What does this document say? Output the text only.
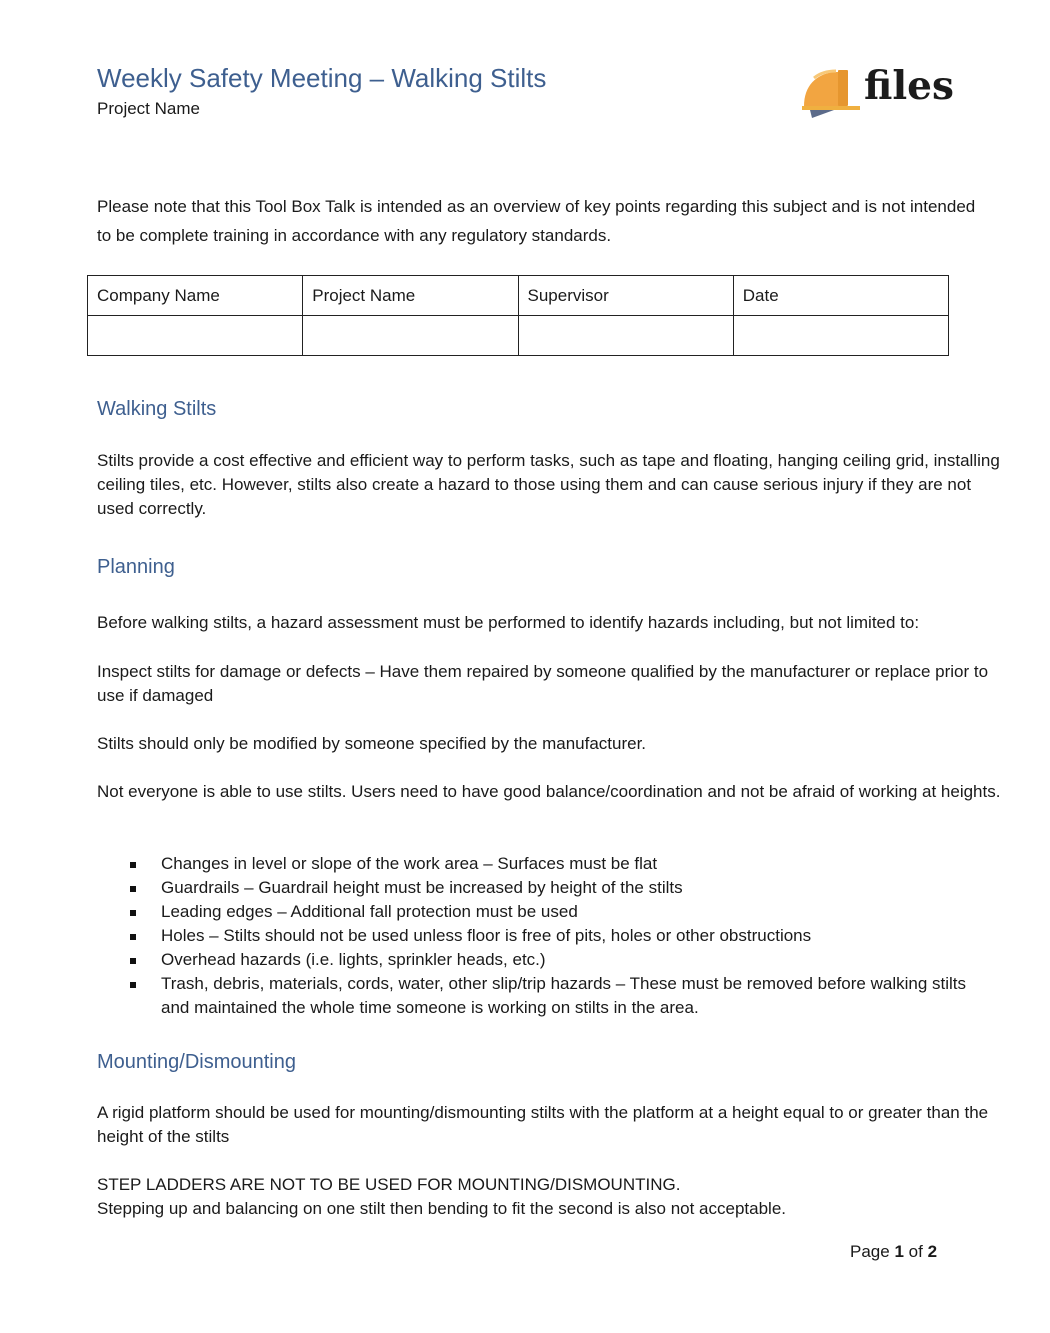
Weekly Safety Meeting – Walking Stilts
Project Name	files

Please note that this Tool Box Talk is intended as an overview of key points regarding this subject and is not intended to be complete training in accordance with any regulatory standards.

Company Name	Project Name	Supervisor	Date

Walking Stilts

Stilts provide a cost effective and efficient way to perform tasks, such as tape and floating, hanging ceiling grid, installing ceiling tiles, etc. However, stilts also create a hazard to those using them and can cause serious injury if they are not used correctly.

Planning

Before walking stilts, a hazard assessment must be performed to identify hazards including, but not limited to:

Inspect stilts for damage or defects – Have them repaired by someone qualified by the manufacturer or replace prior to use if damaged

Stilts should only be modified by someone specified by the manufacturer.

Not everyone is able to use stilts. Users need to have good balance/coordination and not be afraid of working at heights.

Changes in level or slope of the work area – Surfaces must be flat
Guardrails – Guardrail height must be increased by height of the stilts
Leading edges – Additional fall protection must be used
Holes – Stilts should not be used unless floor is free of pits, holes or other obstructions
Overhead hazards (i.e. lights, sprinkler heads, etc.)
Trash, debris, materials, cords, water, other slip/trip hazards – These must be removed before walking stilts and maintained the whole time someone is working on stilts in the area.
Mounting/Dismounting

A rigid platform should be used for mounting/dismounting stilts with the platform at a height equal to or greater than the height of the stilts

STEP LADDERS ARE NOT TO BE USED FOR MOUNTING/DISMOUNTING.

Stepping up and balancing on one stilt then bending to fit the second is also not acceptable.

Page 1 of 2
